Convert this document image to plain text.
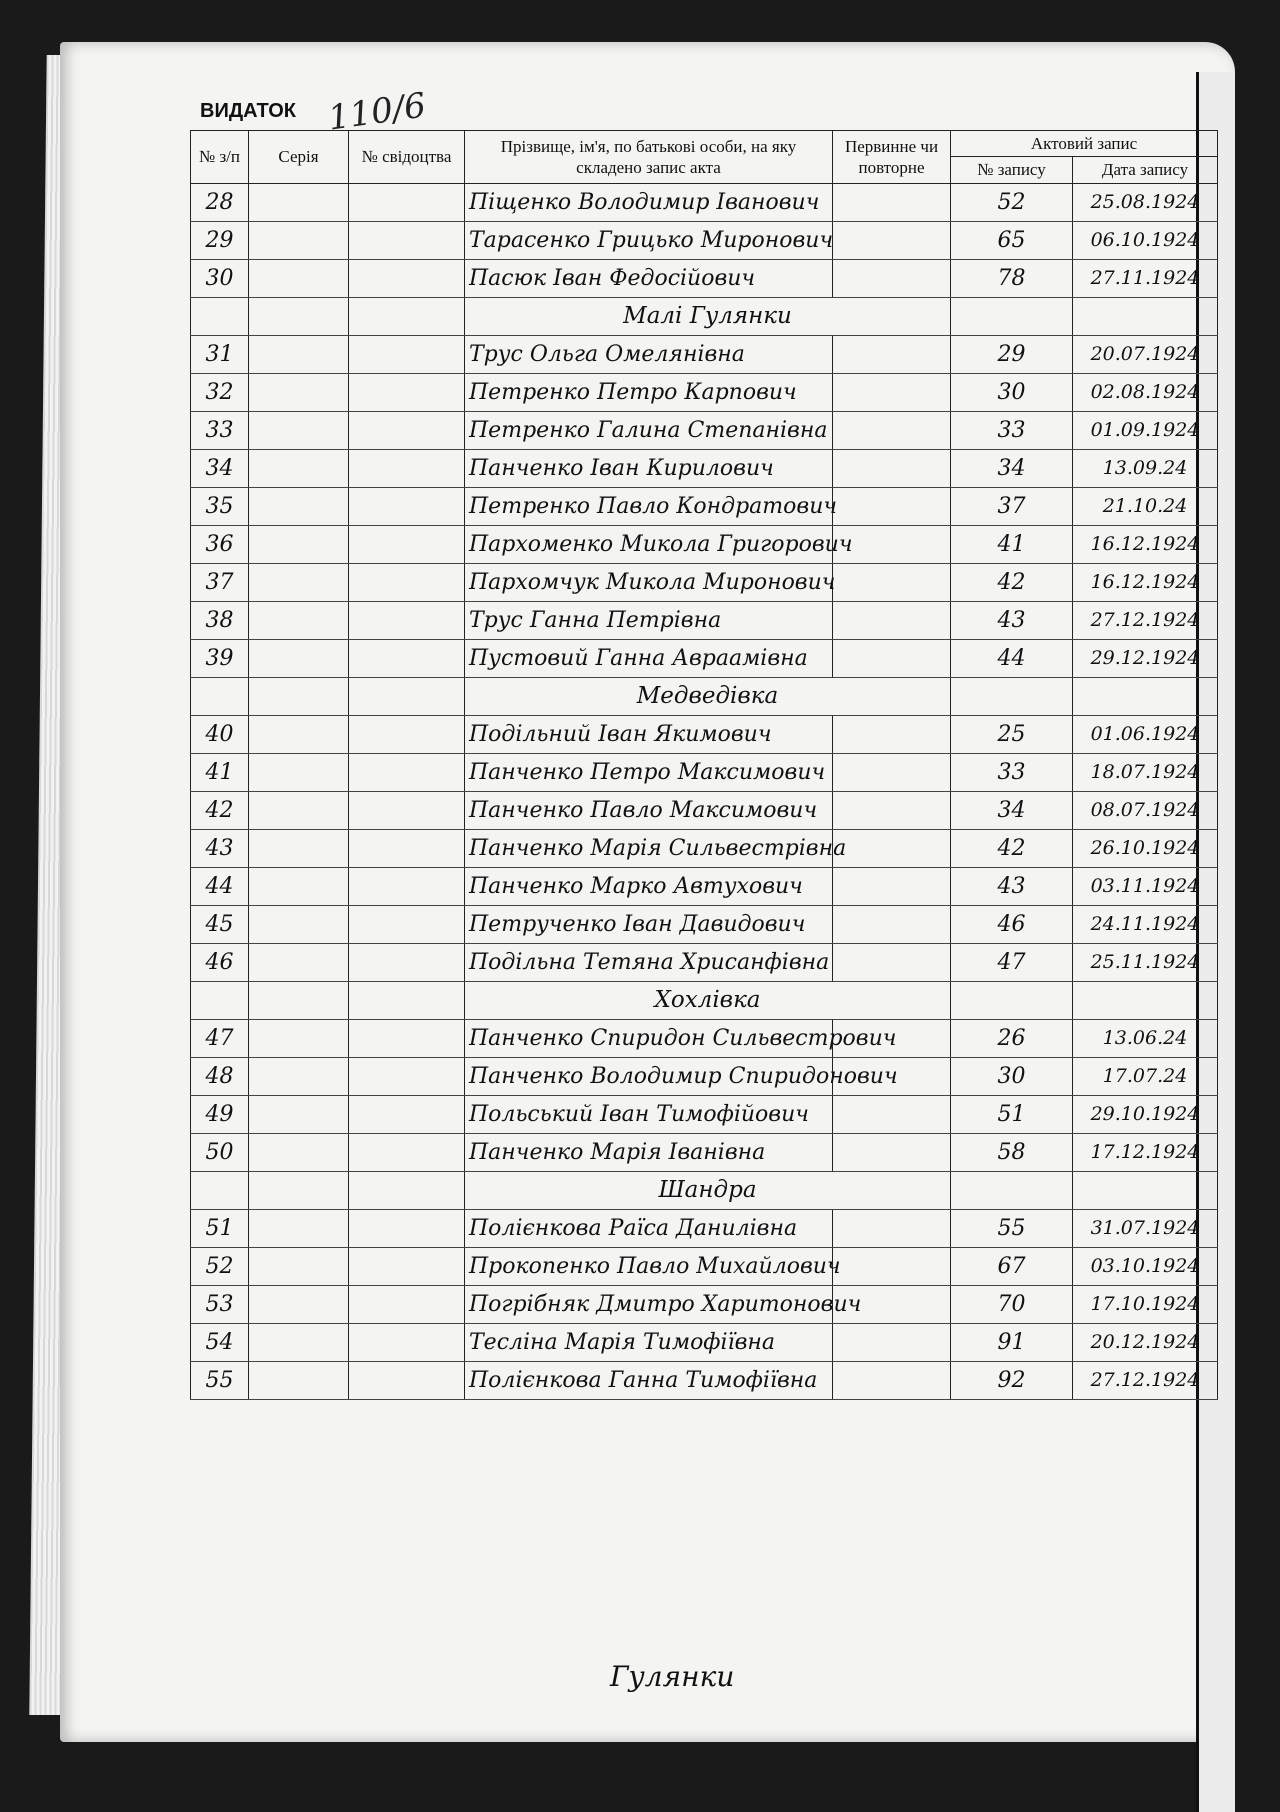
ВИДАТОК 110/6
№ з/п	Серія	№ свідоцтва	Прізвище, ім'я, по батькові особи, на яку складено запис акта	Первинне чи повторне	Актовий запис	
					№ запису	Дата запису
28			Піщенко Володимир Іванович		52	25.08.1924
29			Тарасенко Грицько Миронович		65	06.10.1924
30			Пасюк Іван Федосійович		78	27.11.1924
			Малі Гулянки			
31			Трус Ольга Омелянівна		29	20.07.1924
32			Петренко Петро Карпович		30	02.08.1924
33			Петренко Галина Степанівна		33	01.09.1924
34			Панченко Іван Кирилович		34	13.09.24
35			Петренко Павло Кондратович		37	21.10.24
36			Пархоменко Микола Григорович		41	16.12.1924
37			Пархомчук Микола Миронович		42	16.12.1924
38			Трус Ганна Петрівна		43	27.12.1924
39			Пустовий Ганна Авраамівна		44	29.12.1924
			Медведівка			
40			Подільний Іван Якимович		25	01.06.1924
41			Панченко Петро Максимович		33	18.07.1924
42			Панченко Павло Максимович		34	08.07.1924
43			Панченко Марія Сильвестрівна		42	26.10.1924
44			Панченко Марко Автухович		43	03.11.1924
45			Петрученко Іван Давидович		46	24.11.1924
46			Подільна Тетяна Хрисанфівна		47	25.11.1924
			Хохлівка			
47			Панченко Спиридон Сильвестрович		26	13.06.24
48			Панченко Володимир Спиридонович		30	17.07.24
49			Польський Іван Тимофійович		51	29.10.1924
50			Панченко Марія Іванівна		58	17.12.1924
			Шандра			
51			Полієнкова Раїса Данилівна		55	31.07.1924
52			Прокопенко Павло Михайлович		67	03.10.1924
53			Погрібняк Дмитро Харитонович		70	17.10.1924
54			Тесліна Марія Тимофіївна		91	20.12.1924
55			Полієнкова Ганна Тимофіївна		92	27.12.1924
Гулянки
